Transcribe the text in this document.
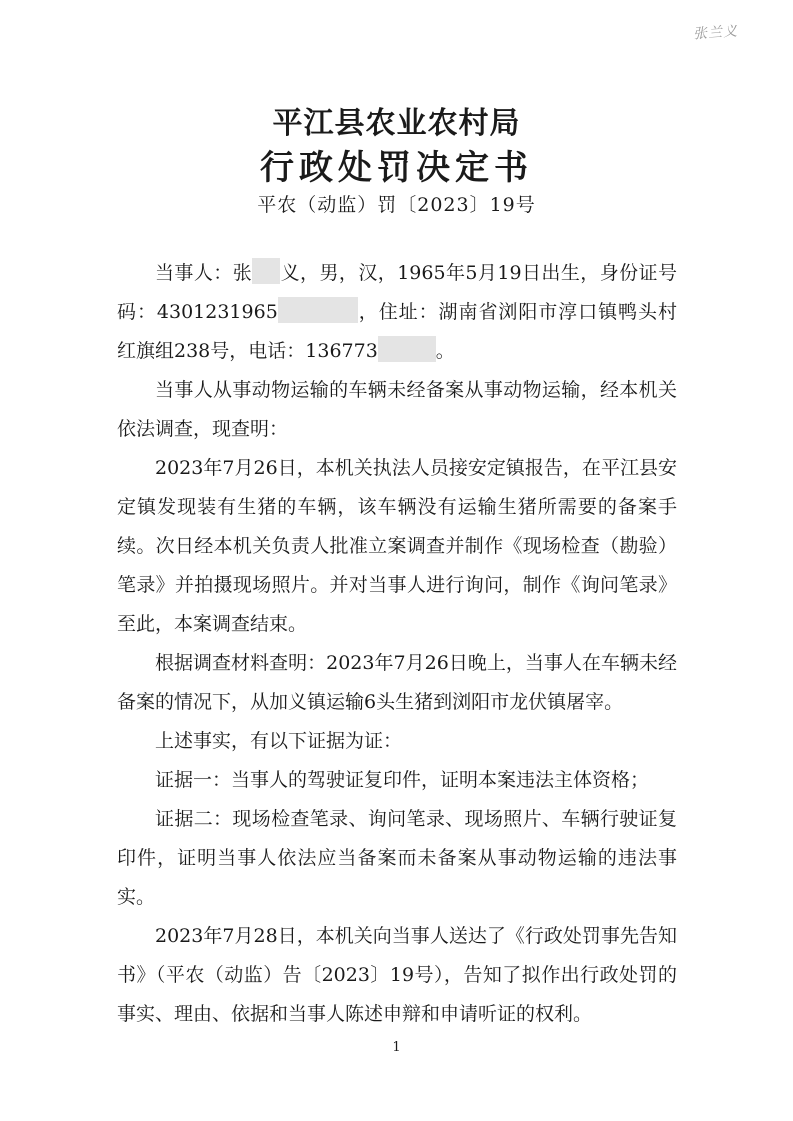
张兰义
平江县农业农村局
行政处罚决定书
平农（动监）罚〔2023〕19号

当事人：张 义，男，汉，1965年5月19日出生，身份证号码：4301231965	，住址：湖南省浏阳市淳口镇鸭头村红旗组238号，电话：136773	。

当事人从事动物运输的车辆未经备案从事动物运输，经本机关依法调查，现查明：

2023年7月26日，本机关执法人员接安定镇报告，在平江县安定镇发现装有生猪的车辆，该车辆没有运输生猪所需要的备案手续。次日经本机关负责人批准立案调查并制作《现场检查（勘验）笔录》并拍摄现场照片。并对当事人进行询问，制作《询问笔录》至此，本案调查结束。

根据调查材料查明：2023年7月26日晚上，当事人在车辆未经备案的情况下，从加义镇运输6头生猪到浏阳市龙伏镇屠宰。

上述事实，有以下证据为证：

证据一：当事人的驾驶证复印件，证明本案违法主体资格；

证据二：现场检查笔录、询问笔录、现场照片、车辆行驶证复印件，证明当事人依法应当备案而未备案从事动物运输的违法事实。

2023年7月28日，本机关向当事人送达了《行政处罚事先告知书》（平农（动监）告〔2023〕19号），告知了拟作出行政处罚的事实、理由、依据和当事人陈述申辩和申请听证的权利。

1
